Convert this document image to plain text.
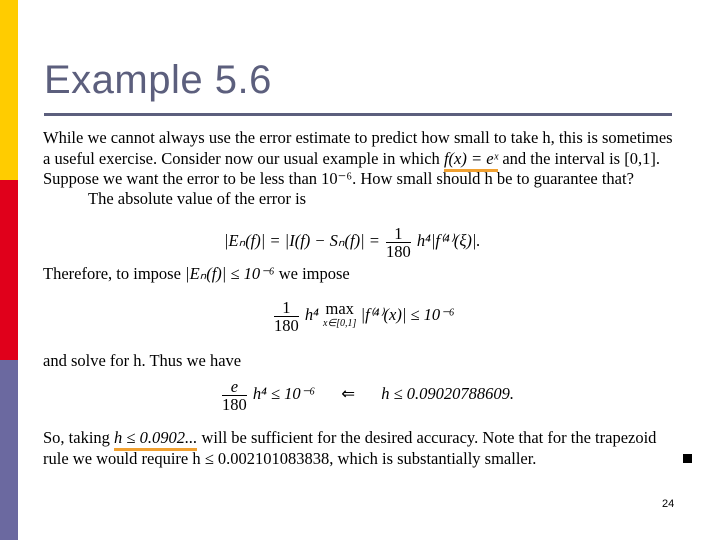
Example 5.6
While we cannot always use the error estimate to predict how small to take h, this is sometimes
a useful exercise. Consider now our usual example in which f(x) = eˣ and the interval is [0,1].
Suppose we want the error to be less than 10⁻⁶. How small should h be to guarantee that?
The absolute value of the error is
$|E_n(f)| = |I(f) - S_n(f)| = \frac{1}{180} h^4|f^{(4)}(\xi)|$.
Therefore, to impose |Eₙ(f)| ≤ 10⁻⁶ we impose
$\frac{1}{180} h^4$ max
x∈[0,1] |f⁽⁴⁾(x)| ≤ 10⁻⁶
and solve for h. Thus we have
$\frac{e}{180} h^4 \le 10^{-6}$ ⇐ h ≤ 0.09020788609.
So, taking h ≤ 0.0902... will be sufficient for the desired accuracy. Note that for the trapezoid
rule we would require h ≤ 0.002101083838, which is substantially smaller.
24
